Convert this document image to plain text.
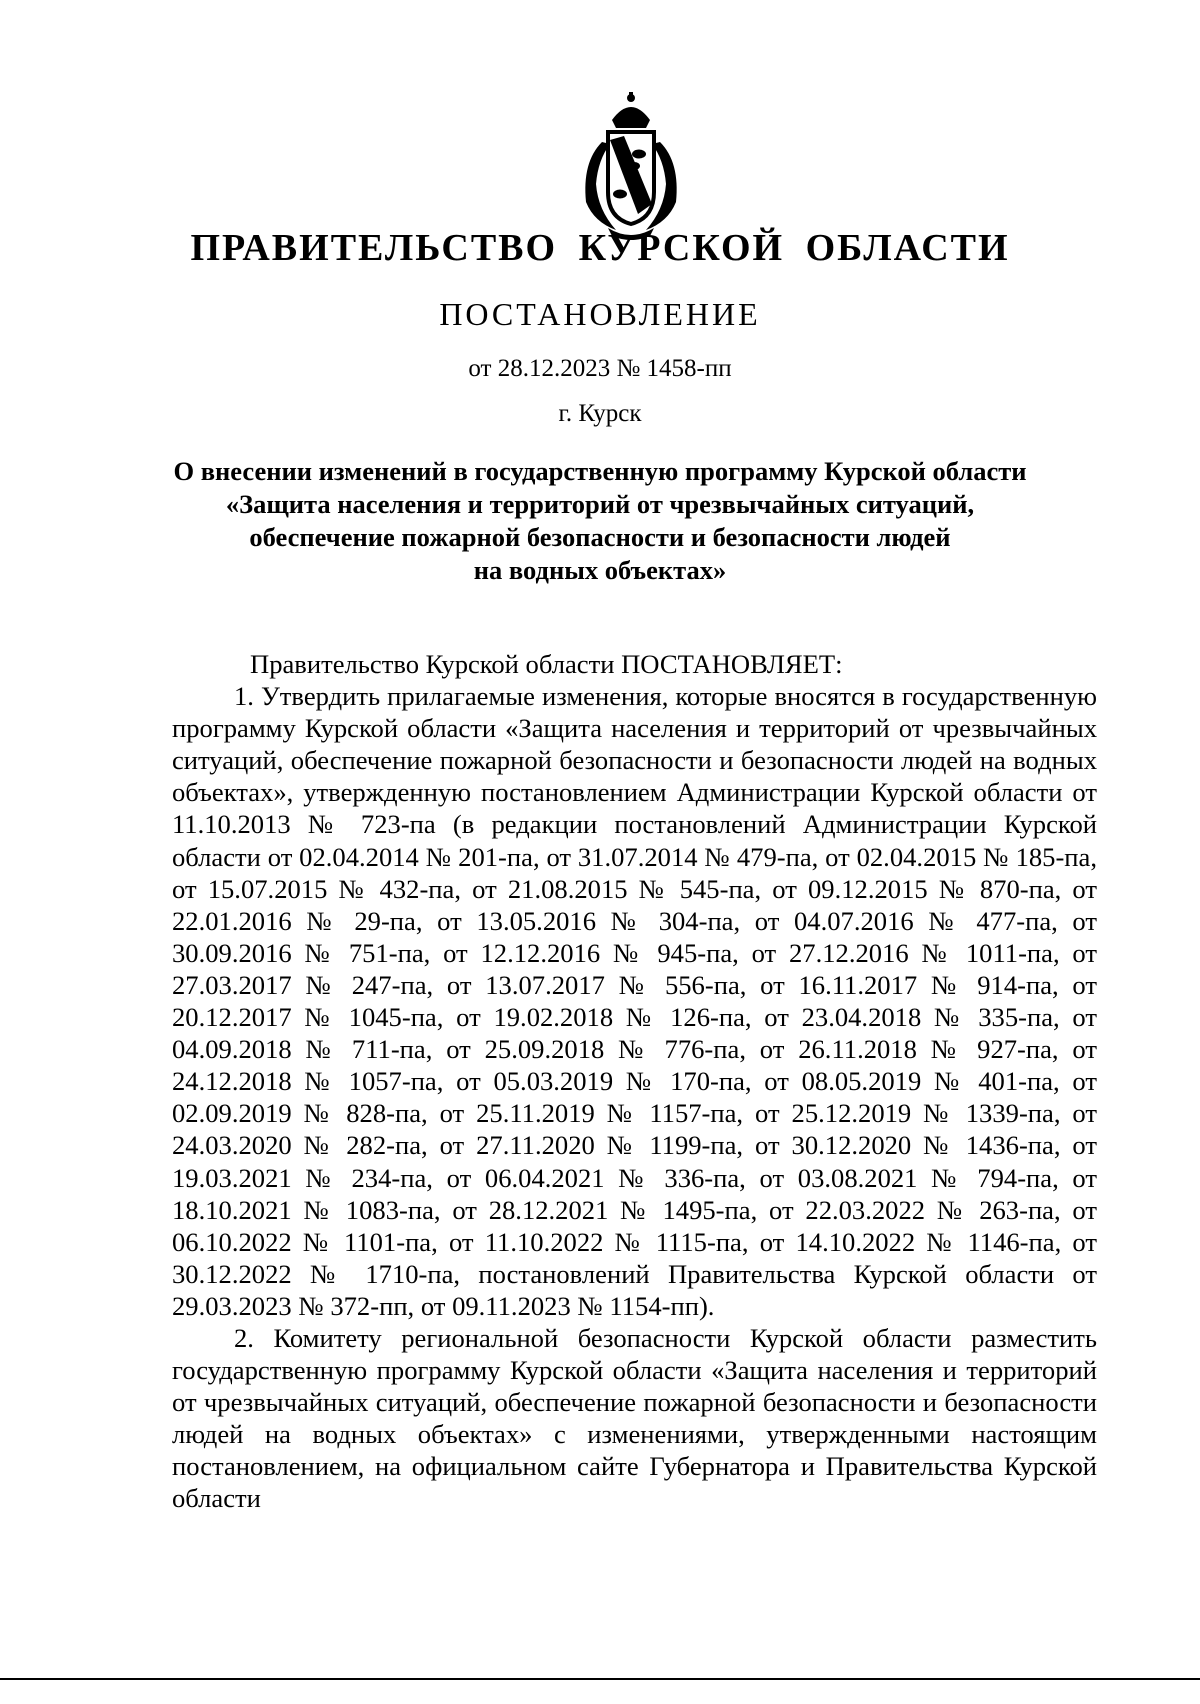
ПРАВИТЕЛЬСТВО КУРСКОЙ ОБЛАСТИ
ПОСТАНОВЛЕНИЕ
от 28.12.2023 № 1458-пп
г. Курск
О внесении изменений в государственную программу Курской области
«Защита населения и территорий от чрезвычайных ситуаций,
обеспечение пожарной безопасности и безопасности людей
на водных объектах»

Правительство Курской области ПОСТАНОВЛЯЕТ:

1. Утвердить прилагаемые изменения, которые вносятся в государственную программу Курской области «Защита населения и территорий от чрезвычайных ситуаций, обеспечение пожарной безопасности и безопасности людей на водных объектах», утвержденную постановлением Администрации Курской области от 11.10.2013 № 723-па (в редакции постановлений Администрации Курской области от 02.04.2014 № 201-па, от 31.07.2014 № 479-па, от 02.04.2015 № 185-па, от 15.07.2015 № 432-па, от 21.08.2015 № 545-па, от 09.12.2015 № 870-па, от 22.01.2016 № 29-па, от 13.05.2016 № 304-па, от 04.07.2016 № 477-па, от 30.09.2016 № 751-па, от 12.12.2016 № 945-па, от 27.12.2016 № 1011-па, от 27.03.2017 № 247-па, от 13.07.2017 № 556-па, от 16.11.2017 № 914-па, от 20.12.2017 № 1045-па, от 19.02.2018 № 126-па, от 23.04.2018 № 335-па, от 04.09.2018 № 711-па, от 25.09.2018 № 776-па, от 26.11.2018 № 927-па, от 24.12.2018 № 1057-па, от 05.03.2019 № 170-па, от 08.05.2019 № 401-па, от 02.09.2019 № 828-па, от 25.11.2019 № 1157-па, от 25.12.2019 № 1339-па, от 24.03.2020 № 282-па, от 27.11.2020 № 1199-па, от 30.12.2020 № 1436-па, от 19.03.2021 № 234-па, от 06.04.2021 № 336-па, от 03.08.2021 № 794-па, от 18.10.2021 № 1083-па, от 28.12.2021 № 1495-па, от 22.03.2022 № 263-па, от 06.10.2022 № 1101-па, от 11.10.2022 № 1115-па, от 14.10.2022 № 1146-па, от 30.12.2022 № 1710-па, постановлений Правительства Курской области от 29.03.2023 № 372-пп, от 09.11.2023 № 1154-пп).

2. Комитету региональной безопасности Курской области разместить государственную программу Курской области «Защита населения и территорий от чрезвычайных ситуаций, обеспечение пожарной безопасности и безопасности людей на водных объектах» с изменениями, утвержденными настоящим постановлением, на официальном сайте Губернатора и Правительства Курской области
